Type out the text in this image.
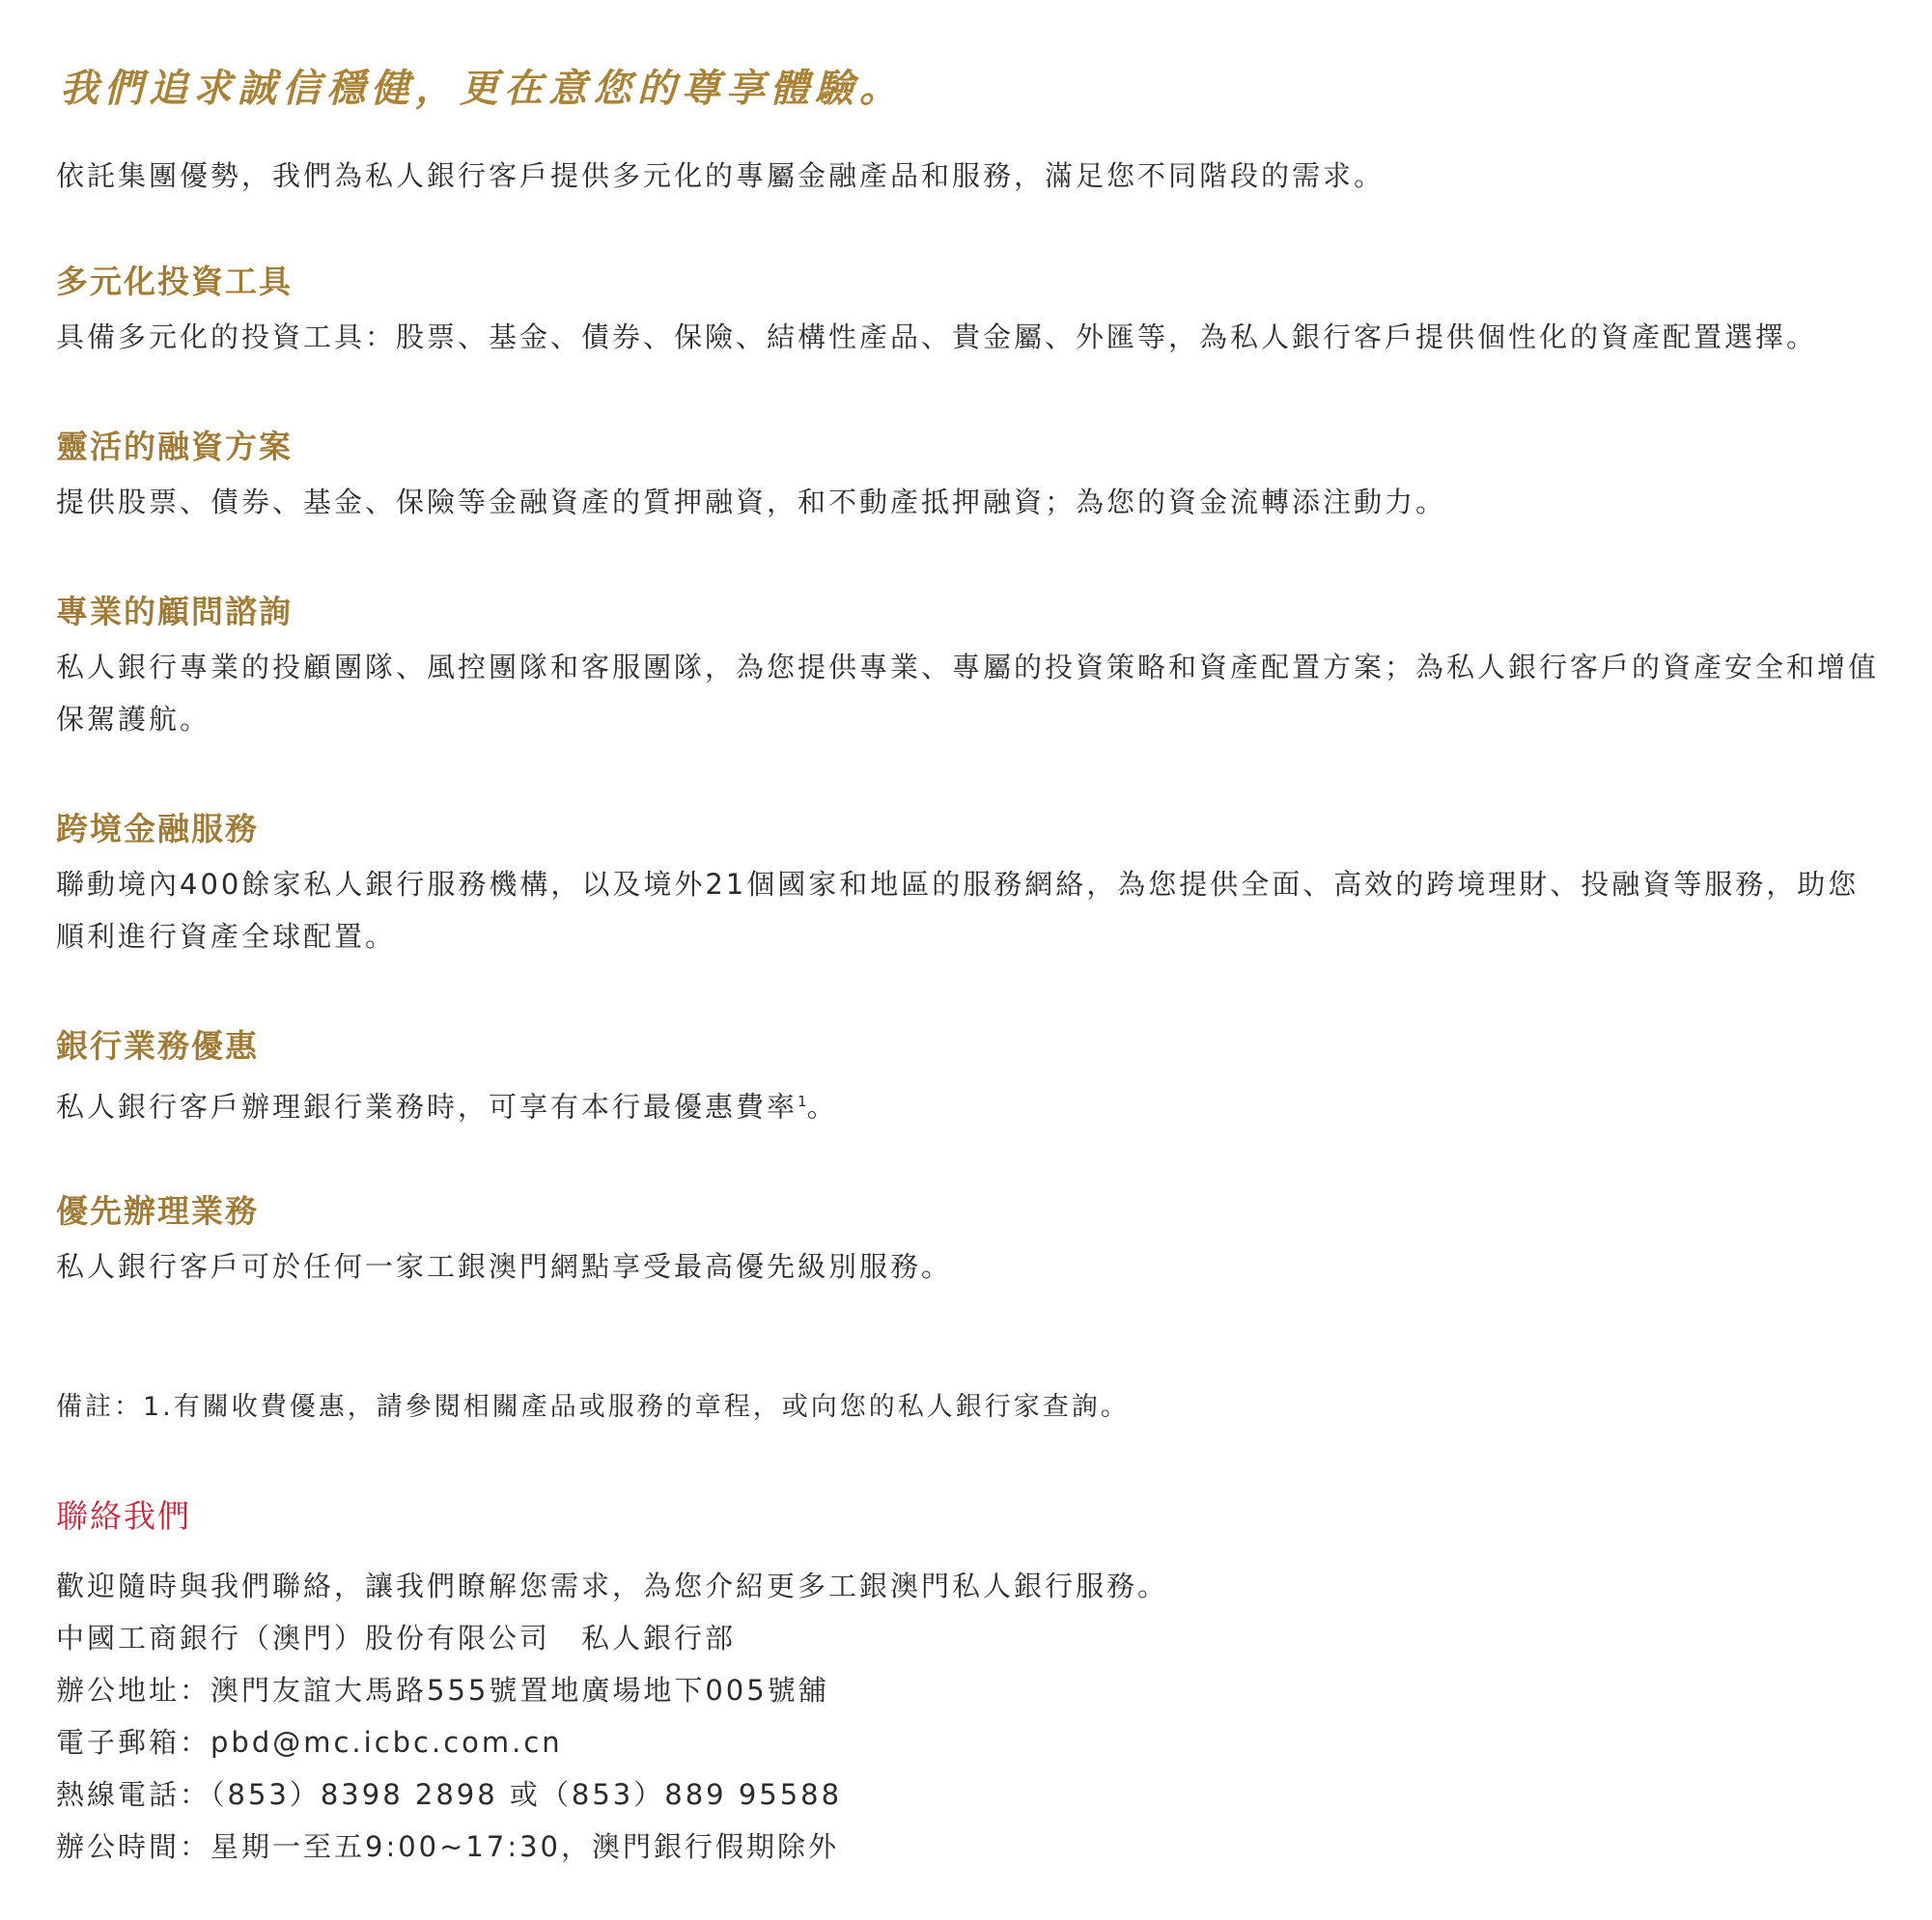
我們追求誠信穩健，更在意您的尊享體驗。
依託集團優勢，我們為私人銀行客戶提供多元化的專屬金融產品和服務，滿足您不同階段的需求。
多元化投資工具

具備多元化的投資工具：股票、基金、債券、保險、結構性產品、貴金屬、外匯等，為私人銀行客戶提供個性化的資產配置選擇。

靈活的融資方案

提供股票、債券、基金、保險等金融資產的質押融資，和不動產抵押融資；為您的資金流轉添注動力。

專業的顧問諮詢

私人銀行專業的投顧團隊、風控團隊和客服團隊，為您提供專業、專屬的投資策略和資產配置方案；為私人銀行客戶的資產安全和增值保駕護航。

跨境金融服務

聯動境內400餘家私人銀行服務機構，以及境外21個國家和地區的服務網絡，為您提供全面、高效的跨境理財、投融資等服務，助您順利進行資產全球配置。

銀行業務優惠

私人銀行客戶辦理銀行業務時，可享有本行最優惠費率$^1$。

優先辦理業務

私人銀行客戶可於任何一家工銀澳門網點享受最高優先級別服務。

備註：1.有關收費優惠，請參閱相關產品或服務的章程，或向您的私人銀行家查詢。
聯絡我們
歡迎隨時與我們聯絡，讓我們瞭解您需求，為您介紹更多工銀澳門私人銀行服務。
中國工商銀行（澳門）股份有限公司　私人銀行部
辦公地址：澳門友誼大馬路555號置地廣場地下005號舖
電子郵箱：pbd@mc.icbc.com.cn
熱線電話：（853）8398 2898 或（853）889 95588
辦公時間：星期一至五9:00~17:30，澳門銀行假期除外
